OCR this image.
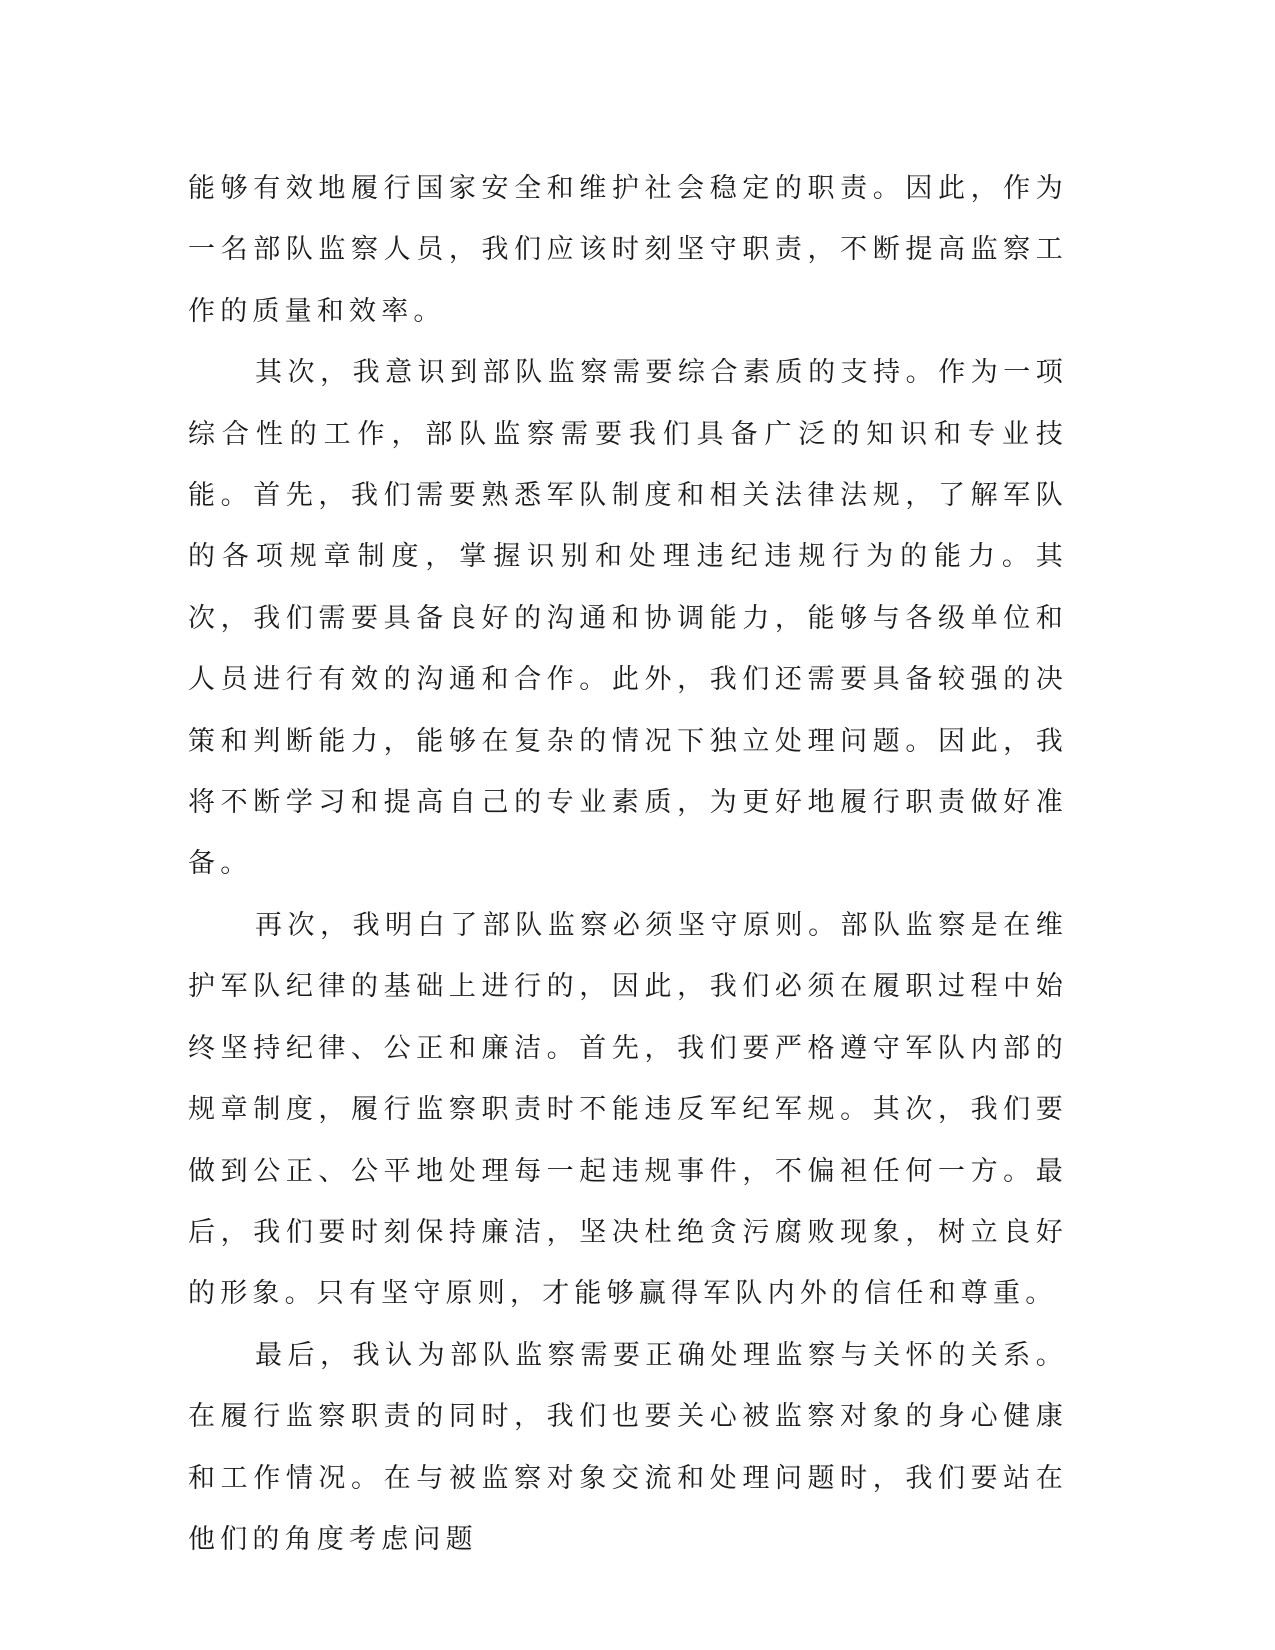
能够有效地履行国家安全和维护社会稳定的职责。因此，作为一名部队监察人员，我们应该时刻坚守职责，不断提高监察工作的质量和效率。

其次，我意识到部队监察需要综合素质的支持。作为一项综合性的工作，部队监察需要我们具备广泛的知识和专业技能。首先，我们需要熟悉军队制度和相关法律法规，了解军队的各项规章制度，掌握识别和处理违纪违规行为的能力。其次，我们需要具备良好的沟通和协调能力，能够与各级单位和人员进行有效的沟通和合作。此外，我们还需要具备较强的决策和判断能力，能够在复杂的情况下独立处理问题。因此，我将不断学习和提高自己的专业素质，为更好地履行职责做好准备。

再次，我明白了部队监察必须坚守原则。部队监察是在维护军队纪律的基础上进行的，因此，我们必须在履职过程中始终坚持纪律、公正和廉洁。首先，我们要严格遵守军队内部的规章制度，履行监察职责时不能违反军纪军规。其次，我们要做到公正、公平地处理每一起违规事件，不偏袒任何一方。最后，我们要时刻保持廉洁，坚决杜绝贪污腐败现象，树立良好的形象。只有坚守原则，才能够赢得军队内外的信任和尊重。

最后，我认为部队监察需要正确处理监察与关怀的关系。在履行监察职责的同时，我们也要关心被监察对象的身心健康和工作情况。在与被监察对象交流和处理问题时，我们要站在他们的角度考虑问题
